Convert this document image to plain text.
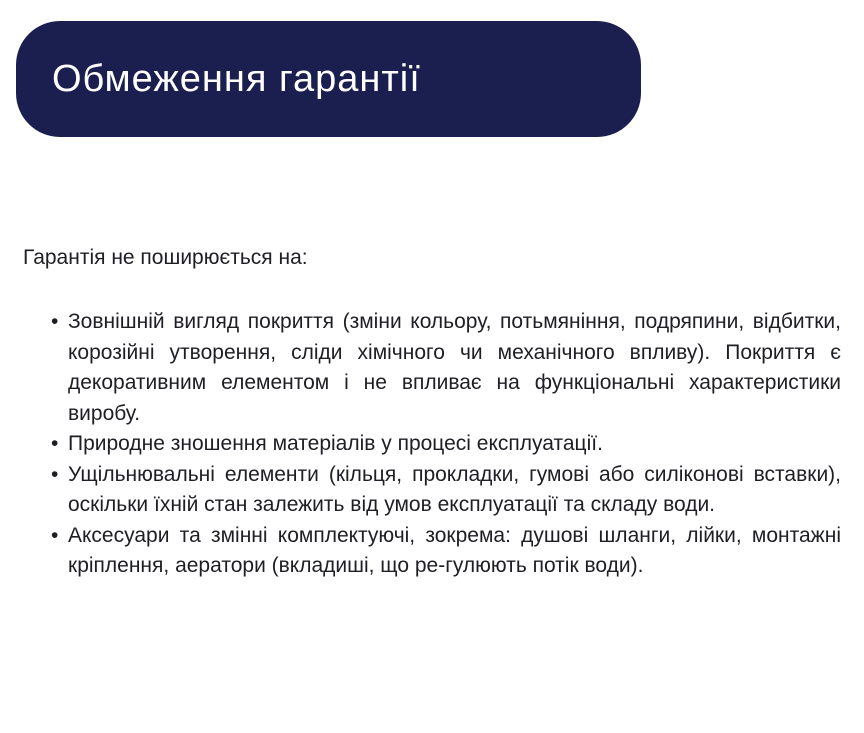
Обмеження гарантії

Гарантія не поширюється на:

• Зовнішній вигляд покриття (зміни кольору, потьмяніння, подряпини, відбитки, корозійні утворення, сліди хімічного чи механічного впливу). Покриття є декоративним елементом і не впливає на функціональні характеристики виробу.
• Природне зношення матеріалів у процесі експлуатації.
• Ущільнювальні елементи (кільця, прокладки, гумові або силіконові вставки), оскільки їхній стан залежить від умов експлуатації та складу води.
• Аксесуари та змінні комплектуючі, зокрема: душові шланги, лійки, монтажні кріплення, аератори (вкладиші, що ре-гулюють потік води).
